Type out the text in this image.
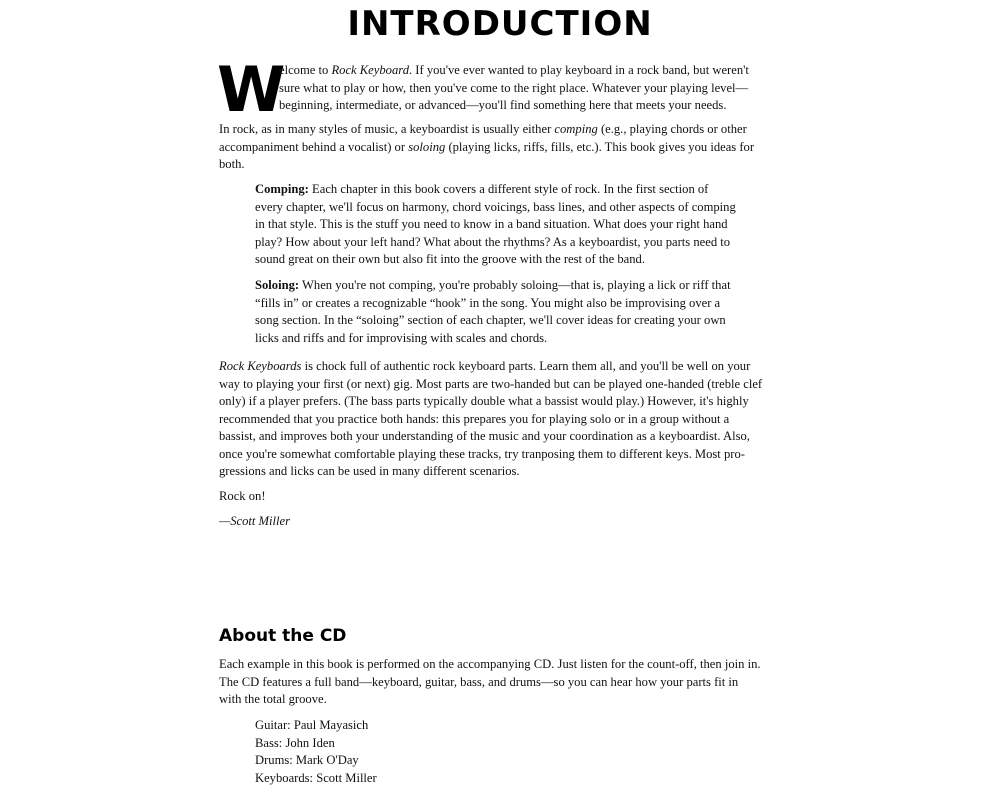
INTRODUCTION
W
elcome to Rock Keyboard. If you've ever wanted to play keyboard in a rock band, but weren't
sure what to play or how, then you've come to the right place. Whatever your playing level—
beginning, intermediate, or advanced—you'll find something here that meets your needs.
In rock, as in many styles of music, a keyboardist is usually either comping (e.g., playing chords or other
accompaniment behind a vocalist) or soloing (playing licks, riffs, fills, etc.). This book gives you ideas for
both.
Comping: Each chapter in this book covers a different style of rock. In the first section of
every chapter, we'll focus on harmony, chord voicings, bass lines, and other aspects of comping
in that style. This is the stuff you need to know in a band situation. What does your right hand
play? How about your left hand? What about the rhythms? As a keyboardist, you parts need to
sound great on their own but also fit into the groove with the rest of the band.
Soloing: When you're not comping, you're probably soloing—that is, playing a lick or riff that
“fills in” or creates a recognizable “hook” in the song. You might also be improvising over a
song section. In the “soloing” section of each chapter, we'll cover ideas for creating your own
licks and riffs and for improvising with scales and chords.
Rock Keyboards is chock full of authentic rock keyboard parts. Learn them all, and you'll be well on your
way to playing your first (or next) gig. Most parts are two-handed but can be played one-handed (treble clef
only) if a player prefers. (The bass parts typically double what a bassist would play.) However, it's highly
recommended that you practice both hands: this prepares you for playing solo or in a group without a
bassist, and improves both your understanding of the music and your coordination as a keyboardist. Also,
once you're somewhat comfortable playing these tracks, try tranposing them to different keys. Most pro-
gressions and licks can be used in many different scenarios.
Rock on!
—Scott Miller
About the CD
Each example in this book is performed on the accompanying CD. Just listen for the count-off, then join in.
The CD features a full band—keyboard, guitar, bass, and drums—so you can hear how your parts fit in
with the total groove.
Guitar: Paul Mayasich
Bass: John Iden
Drums: Mark O'Day
Keyboards: Scott Miller
